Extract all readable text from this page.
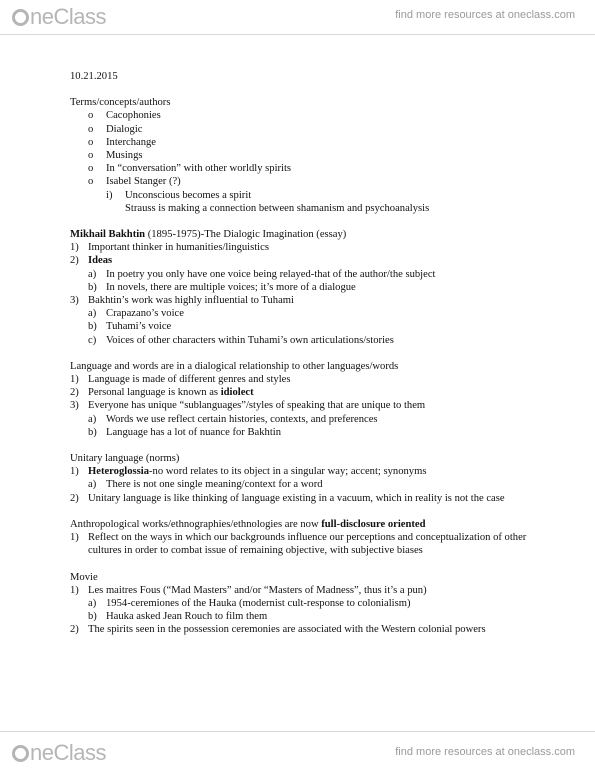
neClass	find more resources at oneclass.com
10.21.2015
Terms/concepts/authors
o Cacophonies
o Dialogic
o Interchange
o Musings
o In “conversation” with other worldly spirits
o Isabel Stanger (?)
i) Unconscious becomes a spirit
Strauss is making a connection between shamanism and psychoanalysis
Mikhail Bakhtin (1895-1975)-The Dialogic Imagination (essay)
1) Important thinker in humanities/linguistics
2) Ideas
a) In poetry you only have one voice being relayed-that of the author/the subject
b) In novels, there are multiple voices; it’s more of a dialogue
3) Bakhtin’s work was highly influential to Tuhami
a) Crapazano’s voice
b) Tuhami’s voice
c) Voices of other characters within Tuhami’s own articulations/stories
Language and words are in a dialogical relationship to other languages/words
1) Language is made of different genres and styles
2) Personal language is known as idiolect
3) Everyone has unique “sublanguages”/styles of speaking that are unique to them
a) Words we use reflect certain histories, contexts, and preferences
b) Language has a lot of nuance for Bakhtin
Unitary language (norms)
1) Heteroglossia-no word relates to its object in a singular way; accent; synonyms
a) There is not one single meaning/context for a word
2) Unitary language is like thinking of language existing in a vacuum, which in reality is not the case
Anthropological works/ethnographies/ethnologies are now full-disclosure oriented
1) Reflect on the ways in which our backgrounds influence our perceptions and conceptualization of other cultures in order to combat issue of remaining objective, with subjective biases
Movie
1) Les maitres Fous (“Mad Masters” and/or “Masters of Madness”, thus it’s a pun)
a) 1954-ceremiones of the Hauka (modernist cult-response to colonialism)
b) Hauka asked Jean Rouch to film them
2) The spirits seen in the possession ceremonies are associated with the Western colonial powers
neClass	find more resources at oneclass.com
